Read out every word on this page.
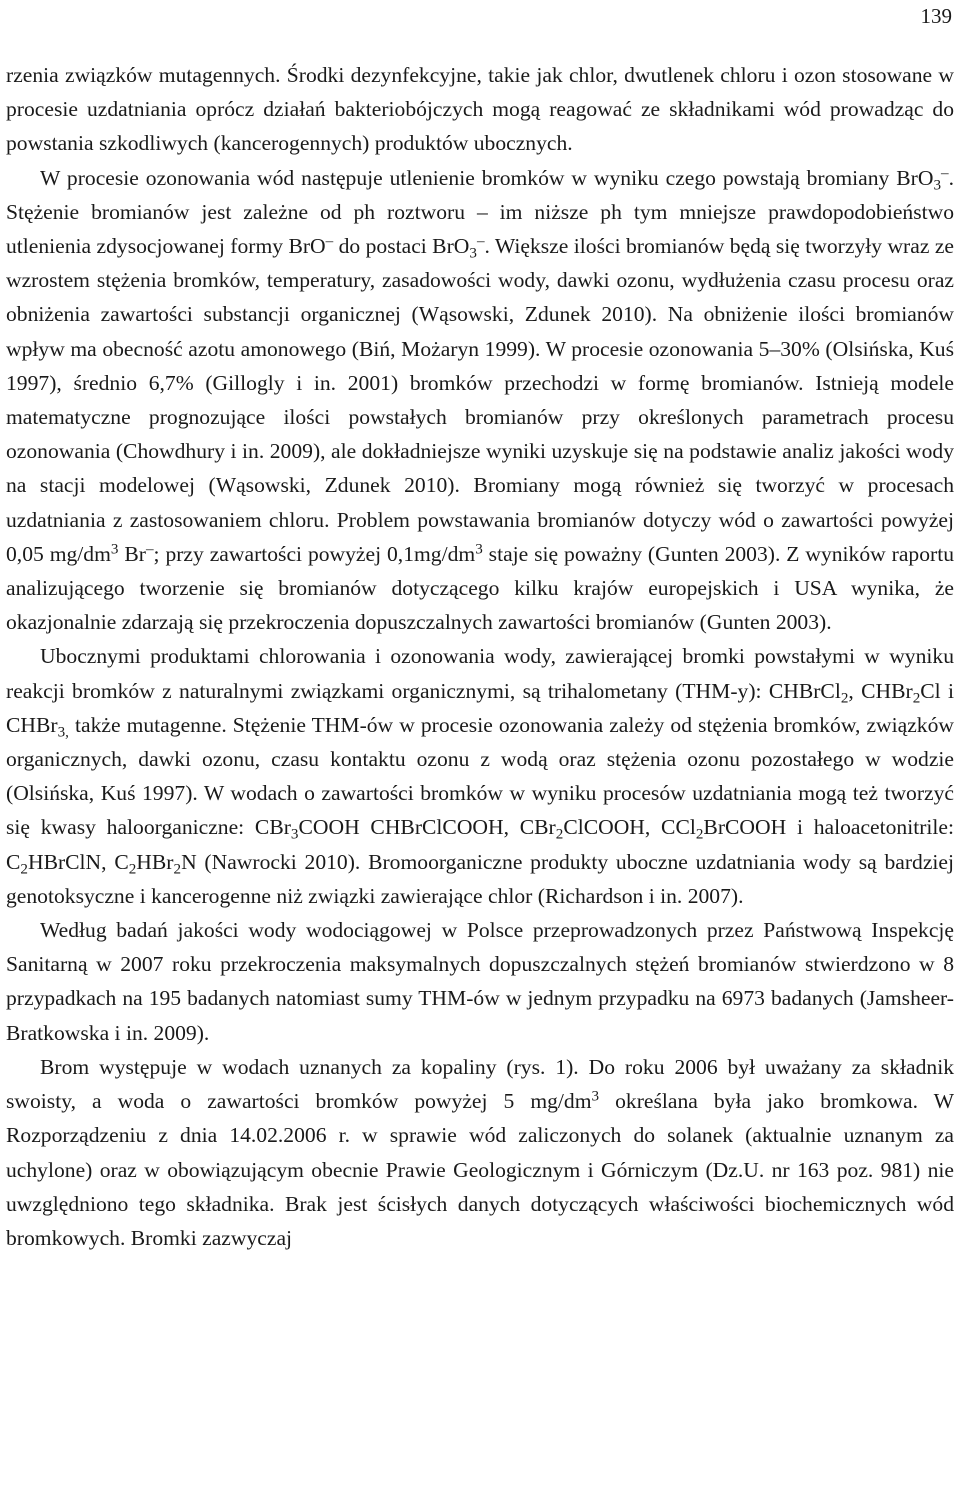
139

rzenia związków mutagennych. Środki dezynfekcyjne, takie jak chlor, dwutlenek chloru i ozon stosowane w procesie uzdatniania oprócz działań bakteriobójczych mogą reagować ze składnikami wód prowadząc do powstania szkodliwych (kancerogennych) produktów ubocznych.

W procesie ozonowania wód następuje utlenienie bromków w wyniku czego powstają bromiany BrO$_3$–. Stężenie bromianów jest zależne od ph roztworu – im niższe ph tym mniejsze prawdopodobieństwo utlenienia zdysocjowanej formy BrO– do postaci BrO$_3$–. Większe ilości bromianów będą się tworzyły wraz ze wzrostem stężenia bromków, temperatury, zasadowości wody, dawki ozonu, wydłużenia czasu procesu oraz obniżenia zawartości substancji organicznej (Wąsowski, Zdunek 2010). Na obniżenie ilości bromianów wpływ ma obecność azotu amonowego (Biń, Możaryn 1999). W procesie ozonowania 5–30% (Olsińska, Kuś 1997), średnio 6,7% (Gillogly i in. 2001) bromków przechodzi w formę bromianów. Istnieją modele matematyczne prognozujące ilości powstałych bromianów przy określonych parametrach procesu ozonowania (Chowdhury i in. 2009), ale dokładniejsze wyniki uzyskuje się na podstawie analiz jakości wody na stacji modelowej (Wąsowski, Zdunek 2010). Bromiany mogą również się tworzyć w procesach uzdatniania z zastosowaniem chloru. Problem powstawania bromianów dotyczy wód o zawartości powyżej 0,05 $mg/dm^3$ Br–; przy zawartości powyżej $0,1mg/dm^3$ staje się poważny (Gunten 2003). Z wyników raportu analizującego tworzenie się bromianów dotyczącego kilku krajów europejskich i USA wynika, że okazjonalnie zdarzają się przekroczenia dopuszczalnych zawartości bromianów (Gunten 2003).

Ubocznymi produktami chlorowania i ozonowania wody, zawierającej bromki powstałymi w wyniku reakcji bromków z naturalnymi związkami organicznymi, są trihalometany (THM-y): CHBrCl$_2$, CHBr$_2$Cl i CHBr$_{3,}$ także mutagenne. Stężenie THM-ów w procesie ozonowania zależy od stężenia bromków, związków organicznych, dawki ozonu, czasu kontaktu ozonu z wodą oraz stężenia ozonu pozostałego w wodzie (Olsińska, Kuś 1997). W wodach o zawartości bromków w wyniku procesów uzdatniania mogą też tworzyć się kwasy haloorganiczne: CBr$_3$COOH CHBrClCOOH, CBr$_2$ClCOOH, CCl$_2$BrCOOH i haloacetonitrile: $C_2HBrClN$, $C_2HBr_2N$ (Nawrocki 2010). Bromoorganiczne produkty uboczne uzdatniania wody są bardziej genotoksyczne i kancerogenne niż związki zawierające chlor (Richardson i in. 2007).

Według badań jakości wody wodociągowej w Polsce przeprowadzonych przez Państwową Inspekcję Sanitarną w 2007 roku przekroczenia maksymalnych dopuszczalnych stężeń bromianów stwierdzono w 8 przypadkach na 195 badanych natomiast sumy THM-ów w jednym przypadku na 6973 badanych (Jamsheer-Bratkowska i in. 2009).

Brom występuje w wodach uznanych za kopaliny (rys. 1). Do roku 2006 był uważany za składnik swoisty, a woda o zawartości bromków powyżej 5 $mg/dm^3$ określana była jako bromkowa. W Rozporządzeniu z dnia 14.02.2006 r. w sprawie wód zaliczonych do solanek (aktualnie uznanym za uchylone) oraz w obowiązującym obecnie Prawie Geologicznym i Górniczym (Dz.U. nr 163 poz. 981) nie uwzględniono tego składnika. Brak jest ścisłych danych dotyczących właściwości biochemicznych wód bromkowych. Bromki zazwyczaj
